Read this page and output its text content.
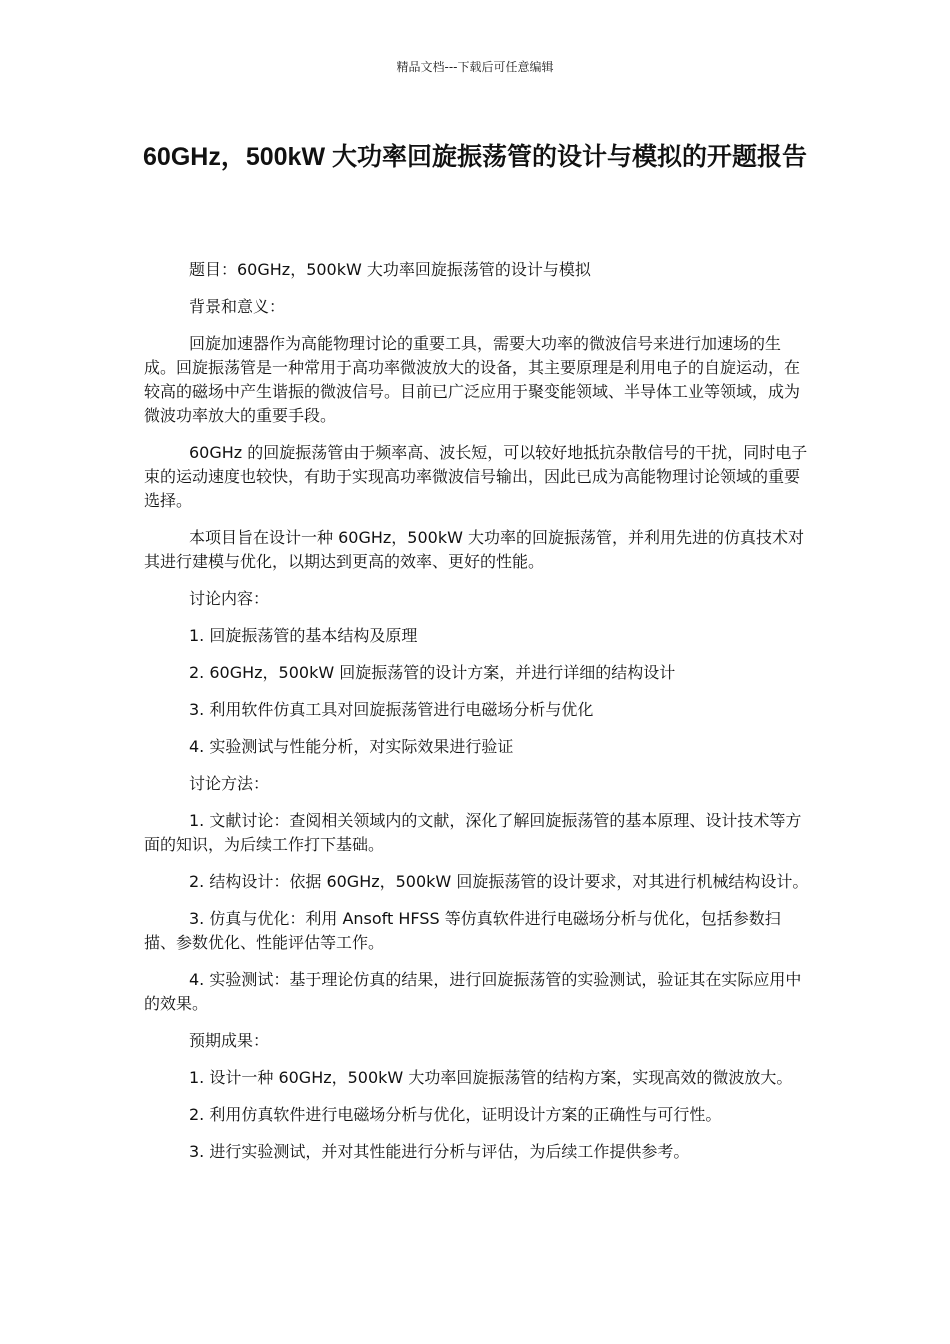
精品文档---下载后可任意编辑
60GHz，500kW 大功率回旋振荡管的设计与模拟的开题报告

题目：60GHz，500kW 大功率回旋振荡管的设计与模拟

背景和意义：

回旋加速器作为高能物理讨论的重要工具，需要大功率的微波信号来进行加速场的生成。回旋振荡管是一种常用于高功率微波放大的设备，其主要原理是利用电子的自旋运动，在较高的磁场中产生谐振的微波信号。目前已广泛应用于聚变能领域、半导体工业等领域，成为微波功率放大的重要手段。

60GHz 的回旋振荡管由于频率高、波长短，可以较好地抵抗杂散信号的干扰，同时电子束的运动速度也较快，有助于实现高功率微波信号输出，因此已成为高能物理讨论领域的重要选择。

本项目旨在设计一种 60GHz，500kW 大功率的回旋振荡管，并利用先进的仿真技术对其进行建模与优化，以期达到更高的效率、更好的性能。

讨论内容：

1. 回旋振荡管的基本结构及原理

2. 60GHz，500kW 回旋振荡管的设计方案，并进行详细的结构设计

3. 利用软件仿真工具对回旋振荡管进行电磁场分析与优化

4. 实验测试与性能分析，对实际效果进行验证

讨论方法：

1. 文献讨论：查阅相关领域内的文献，深化了解回旋振荡管的基本原理、设计技术等方面的知识，为后续工作打下基础。

2. 结构设计：依据 60GHz，500kW 回旋振荡管的设计要求，对其进行机械结构设计。

3. 仿真与优化：利用 Ansoft HFSS 等仿真软件进行电磁场分析与优化，包括参数扫描、参数优化、性能评估等工作。

4. 实验测试：基于理论仿真的结果，进行回旋振荡管的实验测试，验证其在实际应用中的效果。

预期成果：

1. 设计一种 60GHz，500kW 大功率回旋振荡管的结构方案，实现高效的微波放大。

2. 利用仿真软件进行电磁场分析与优化，证明设计方案的正确性与可行性。

3. 进行实验测试，并对其性能进行分析与评估，为后续工作提供参考。
